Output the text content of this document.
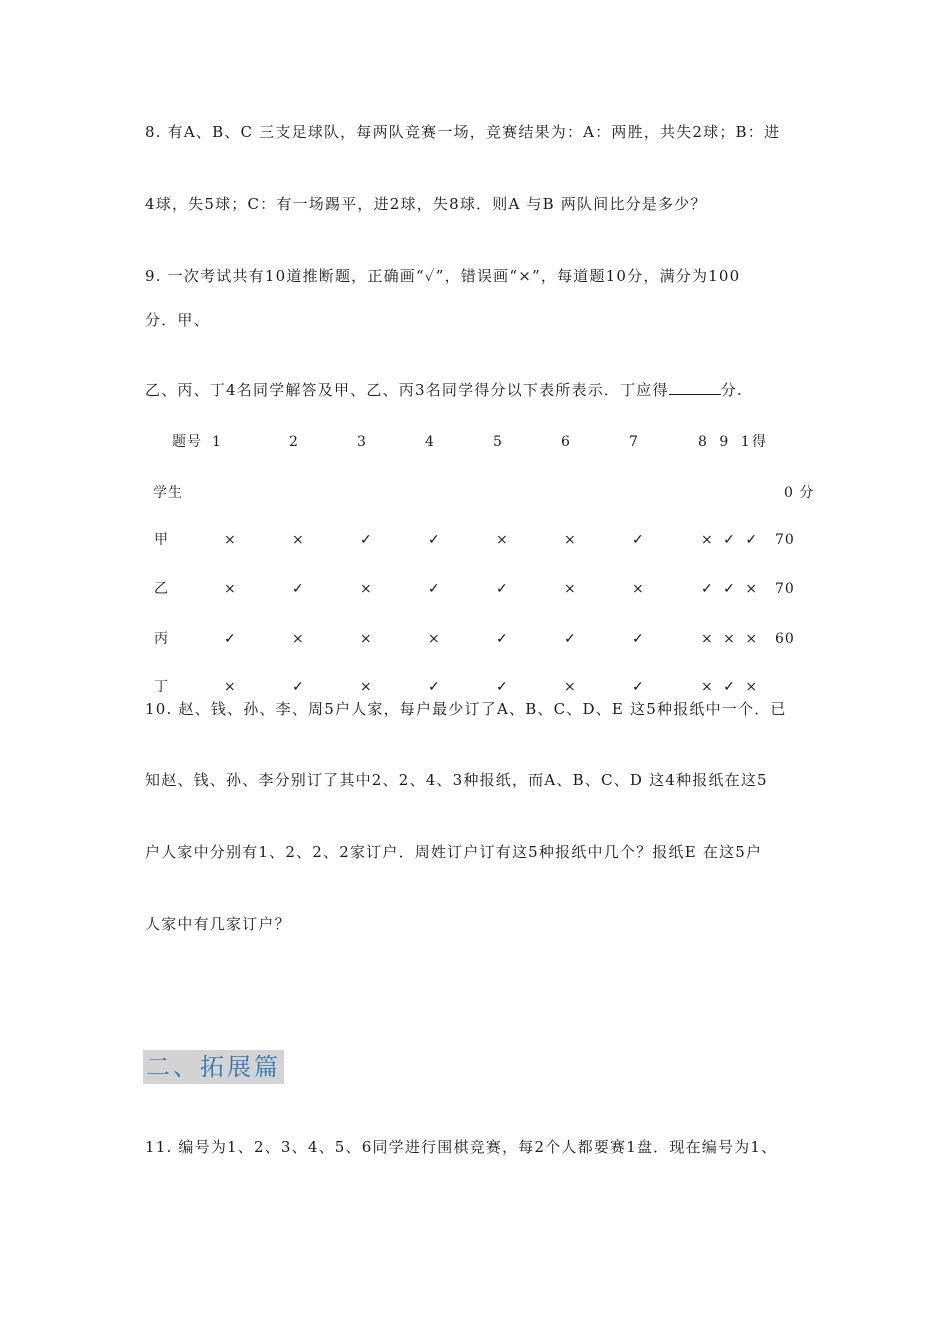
8. 有A、B、C 三支足球队，每两队竞赛一场，竞赛结果为：A：两胜，共失2球；B：进
4球，失5球；C：有一场踢平，进2球，失8球．则A 与B 两队间比分是多少？
9. 一次考试共有10道推断题，正确画“✓”，错误画“×”，每道题10分，满分为100
分．甲、
乙、丙、丁4名同学解答及甲、乙、丙3名同学得分以下表所表示．丁应得	分.
题号 1	2	3	4	5	6	7	8 9 1 得
学生	0 分
甲	×	×	✓	✓	×	×	✓	× ✓ ✓ 70
乙	×	✓	×	✓	✓	×	×	✓ ✓ × 70
丙	✓	×	×	×	✓	✓	✓	× × × 60
丁	×	✓	×	✓	✓	×	✓	× ✓ ×
10. 赵、钱、孙、李、周5户人家，每户最少订了A、B、C、D、E 这5种报纸中一个．已
知赵、钱、孙、李分别订了其中2、2、4、3种报纸，而A、B、C、D 这4种报纸在这5
户人家中分别有1、2、2、2家订户．周姓订户订有这5种报纸中几个？报纸E 在这5户
人家中有几家订户？
二、拓展篇
11. 编号为1、2、3、4、5、6同学进行围棋竞赛，每2个人都要赛1盘．现在编号为1、
